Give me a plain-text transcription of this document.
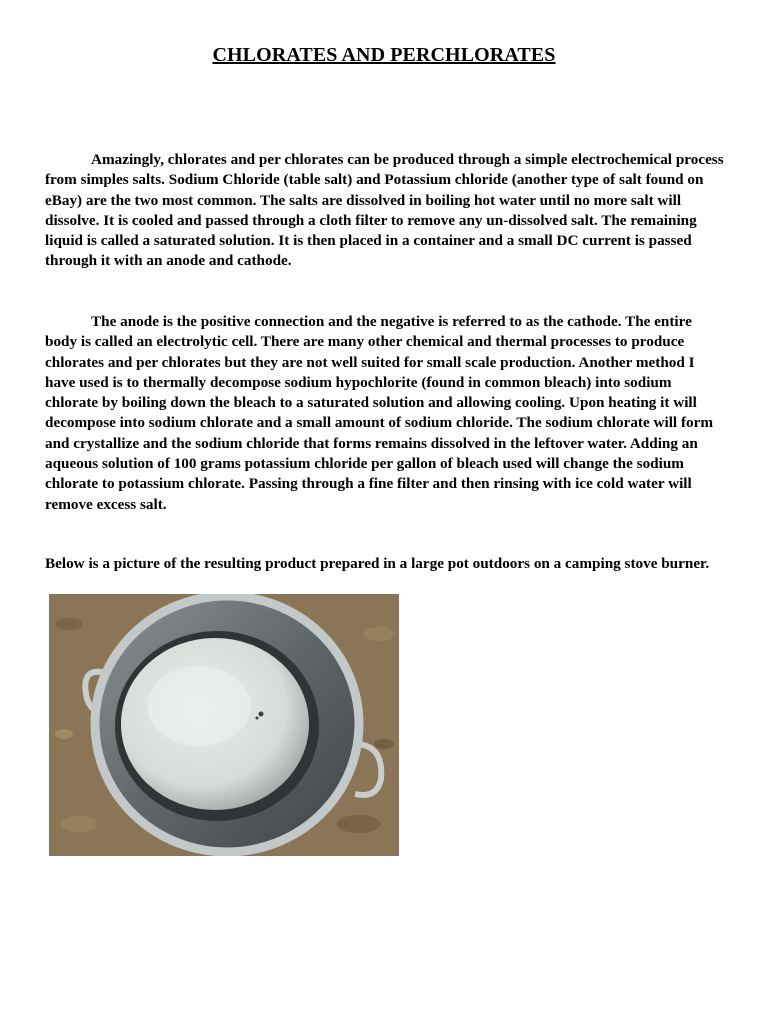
CHLORATES AND PERCHLORATES

Amazingly, chlorates and per chlorates can be produced through a simple electrochemical process from simples salts. Sodium Chloride (table salt) and Potassium chloride (another type of salt found on eBay) are the two most common. The salts are dissolved in boiling hot water until no more salt will dissolve. It is cooled and passed through a cloth filter to remove any un-dissolved salt. The remaining liquid is called a saturated solution. It is then placed in a container and a small DC current is passed through it with an anode and cathode.

The anode is the positive connection and the negative is referred to as the cathode. The entire body is called an electrolytic cell. There are many other chemical and thermal processes to produce chlorates and per chlorates but they are not well suited for small scale production. Another method I have used is to thermally decompose sodium hypochlorite (found in common bleach) into sodium chlorate by boiling down the bleach to a saturated solution and allowing cooling. Upon heating it will decompose into sodium chlorate and a small amount of sodium chloride. The sodium chlorate will form and crystallize and the sodium chloride that forms remains dissolved in the leftover water. Adding an aqueous solution of 100 grams potassium chloride per gallon of bleach used will change the sodium chlorate to potassium chlorate. Passing through a fine filter and then rinsing with ice cold water will remove excess salt.

Below is a picture of the resulting product prepared in a large pot outdoors on a camping stove burner.
